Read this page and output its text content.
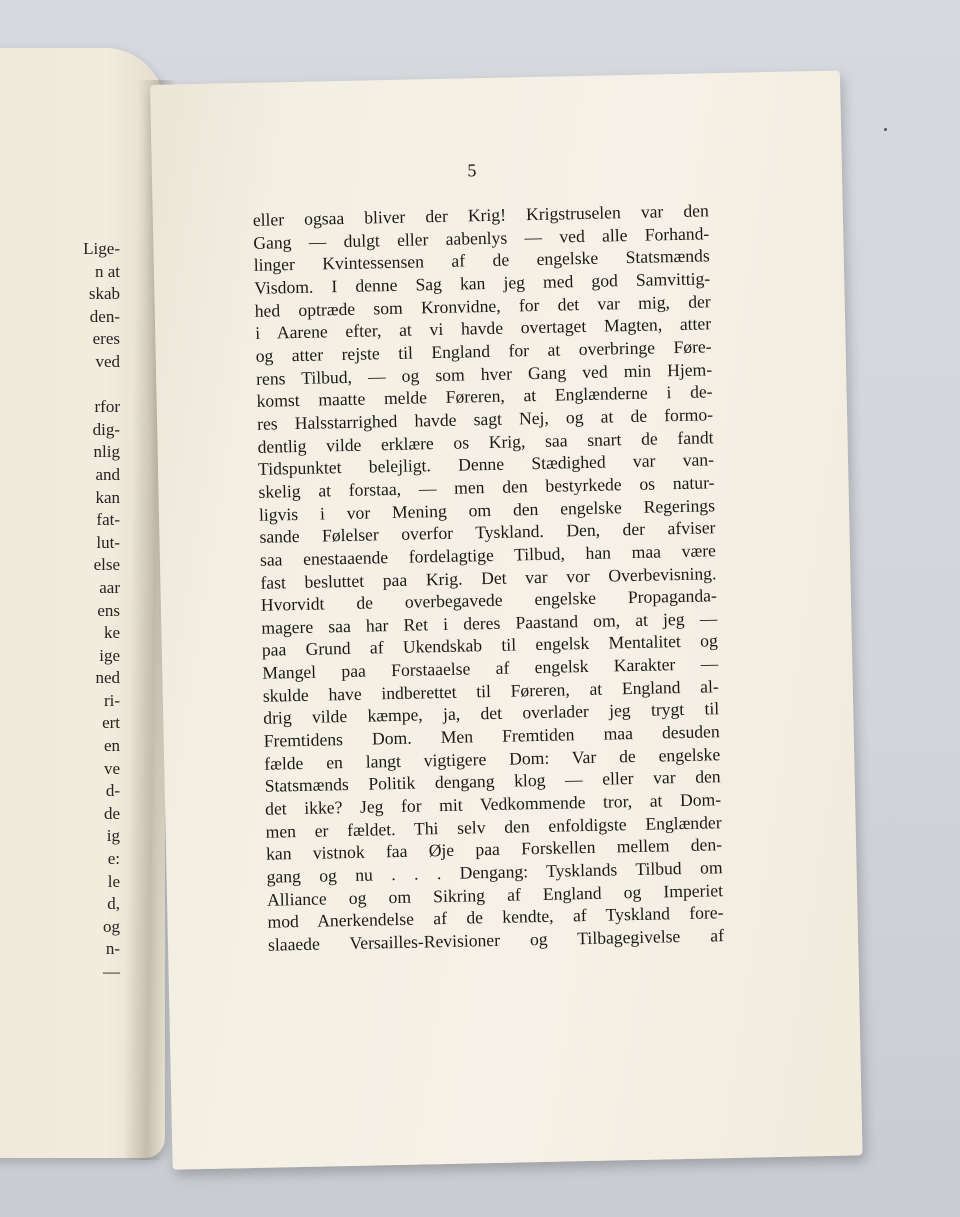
Lige-
n at
skab
den-
eres
ved

rfor
dig-
nlig
and
kan
fat-
lut-
else
aar
ens
ke
ige
ned
ri-
ert
en
ve
d-
de
ig
e:
le
d,
og
n-
—
5
eller ogsaa bliver der Krig! Krigstruselen var den
Gang — dulgt eller aabenlys — ved alle Forhand-
linger Kvintessensen af de engelske Statsmænds
Visdom. I denne Sag kan jeg med god Samvittig-
hed optræde som Kronvidne, for det var mig, der
i Aarene efter, at vi havde overtaget Magten, atter
og atter rejste til England for at overbringe Føre-
rens Tilbud, — og som hver Gang ved min Hjem-
komst maatte melde Føreren, at Englænderne i de-
res Halsstarrighed havde sagt Nej, og at de formo-
dentlig vilde erklære os Krig, saa snart de fandt
Tidspunktet belejligt. Denne Stædighed var van-
skelig at forstaa, — men den bestyrkede os natur-
ligvis i vor Mening om den engelske Regerings
sande Følelser overfor Tyskland. Den, der afviser
saa enestaaende fordelagtige Tilbud, han maa være
fast besluttet paa Krig. Det var vor Overbevisning.
Hvorvidt de overbegavede engelske Propaganda-
magere saa har Ret i deres Paastand om, at jeg —
paa Grund af Ukendskab til engelsk Mentalitet og
Mangel paa Forstaaelse af engelsk Karakter —
skulde have indberettet til Føreren, at England al-
drig vilde kæmpe, ja, det overlader jeg trygt til
Fremtidens Dom. Men Fremtiden maa desuden
fælde en langt vigtigere Dom: Var de engelske
Statsmænds Politik dengang klog — eller var den
det ikke? Jeg for mit Vedkommende tror, at Dom-
men er fældet. Thi selv den enfoldigste Englænder
kan vistnok faa Øje paa Forskellen mellem den-
gang og nu . . . Dengang: Tysklands Tilbud om
Alliance og om Sikring af England og Imperiet
mod Anerkendelse af de kendte, af Tyskland fore-
slaaede Versailles-Revisioner og Tilbagegivelse af
